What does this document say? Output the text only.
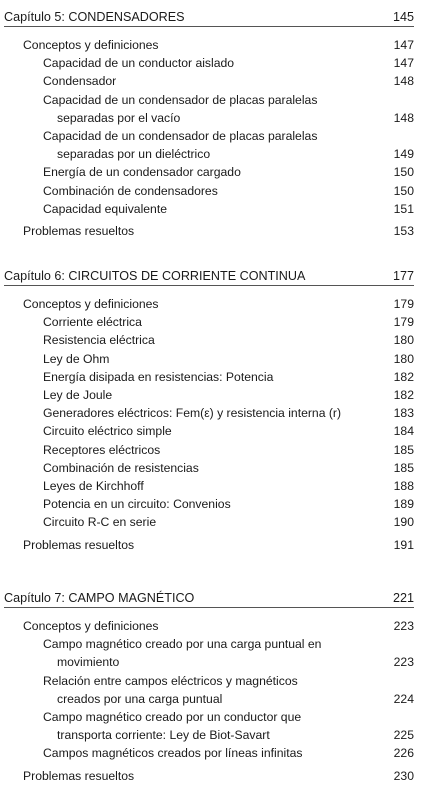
Capítulo 5: CONDENSADORES	145
Conceptos y definiciones	147
Capacidad de un conductor aislado	147
Condensador	148
Capacidad de un condensador de placas paralelas
separadas por el vacío	148
Capacidad de un condensador de placas paralelas
separadas por un dieléctrico	149
Energía de un condensador cargado	150
Combinación de condensadores	150
Capacidad equivalente	151
Problemas resueltos	153
Capítulo 6: CIRCUITOS DE CORRIENTE CONTINUA	177
Conceptos y definiciones	179
Corriente eléctrica	179
Resistencia eléctrica	180
Ley de Ohm	180
Energía disipada en resistencias: Potencia	182
Ley de Joule	182
Generadores eléctricos: Fem(ε) y resistencia interna (r)	183
Circuito eléctrico simple	184
Receptores eléctricos	185
Combinación de resistencias	185
Leyes de Kirchhoff	188
Potencia en un circuito: Convenios	189
Circuito R-C en serie	190
Problemas resueltos	191
Capítulo 7: CAMPO MAGNÉTICO	221
Conceptos y definiciones	223
Campo magnético creado por una carga puntual en
movimiento	223
Relación entre campos eléctricos y magnéticos
creados por una carga puntual	224
Campo magnético creado por un conductor que
transporta corriente: Ley de Biot-Savart	225
Campos magnéticos creados por líneas infinitas	226
Problemas resueltos	230
